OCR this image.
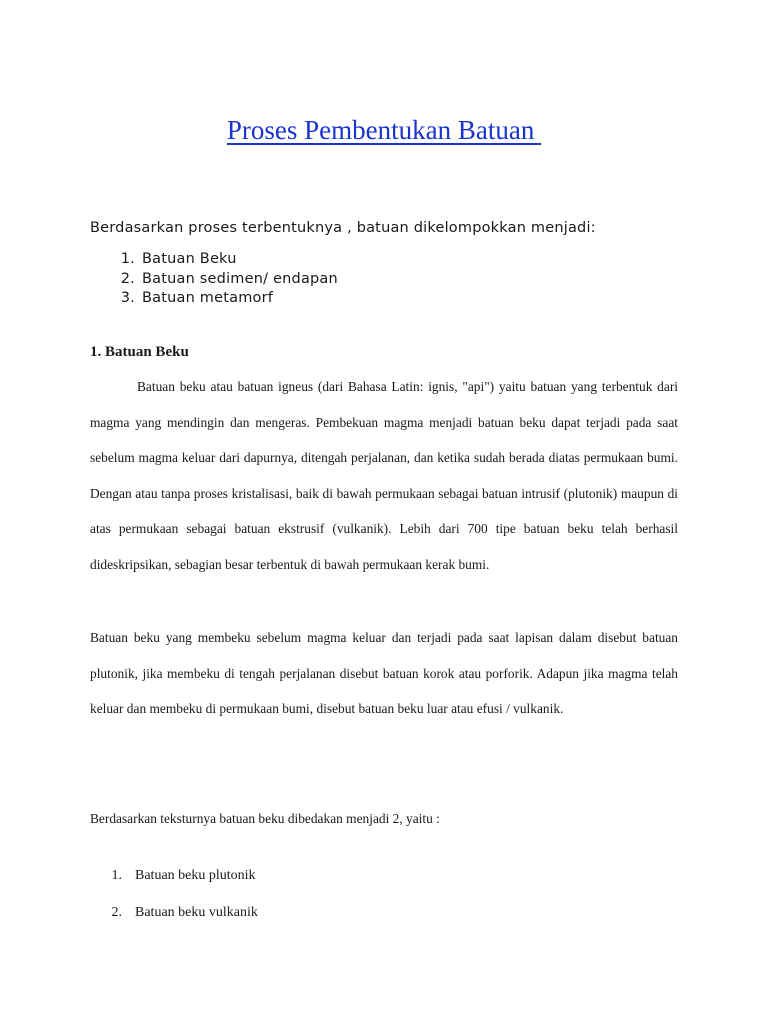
Proses Pembentukan Batuan
Berdasarkan proses terbentuknya , batuan dikelompokkan menjadi:
1. Batuan Beku
2. Batuan sedimen/ endapan
3. Batuan metamorf
1. Batuan Beku

Batuan beku atau batuan igneus (dari Bahasa Latin: ignis, "api") yaitu batuan yang terbentuk dari magma yang mendingin dan mengeras. Pembekuan magma menjadi batuan beku dapat terjadi pada saat sebelum magma keluar dari dapurnya, ditengah perjalanan, dan ketika sudah berada diatas permukaan bumi. Dengan atau tanpa proses kristalisasi, baik di bawah permukaan sebagai batuan intrusif (plutonik) maupun di atas permukaan sebagai batuan ekstrusif (vulkanik). Lebih dari 700 tipe batuan beku telah berhasil dideskripsikan, sebagian besar terbentuk di bawah permukaan kerak bumi.

Batuan beku yang membeku sebelum magma keluar dan terjadi pada saat lapisan dalam disebut batuan plutonik, jika membeku di tengah perjalanan disebut batuan korok atau porforik. Adapun jika magma telah keluar dan membeku di permukaan bumi, disebut batuan beku luar atau efusi / vulkanik.

Berdasarkan teksturnya batuan beku dibedakan menjadi 2, yaitu :

1. Batuan beku plutonik
2. Batuan beku vulkanik
